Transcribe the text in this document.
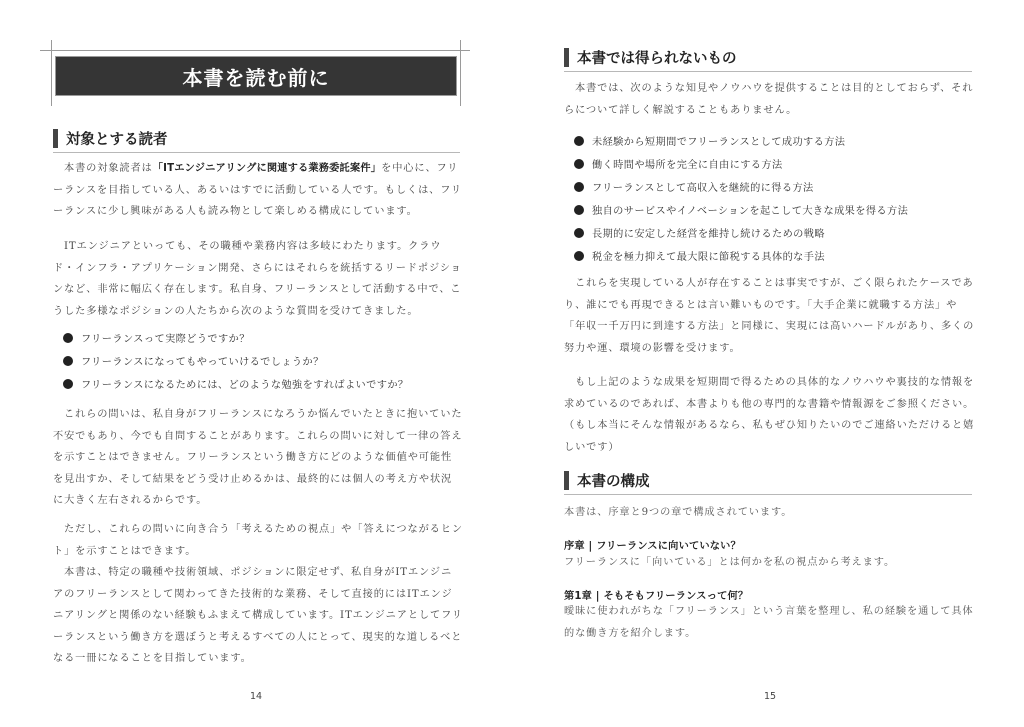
本書を読む前に
対象とする読者
本書の対象読者は「ITエンジニアリングに関連する業務委託案件」を中心に、フリーランスを目指している人、あるいはすでに活動している人です。もしくは、フリーランスに少し興味がある人も読み物として楽しめる構成にしています。
ITエンジニアといっても、その職種や業務内容は多岐にわたります。クラウド・インフラ・アプリケーション開発、さらにはそれらを統括するリードポジションなど、非常に幅広く存在します。私自身、フリーランスとして活動する中で、こうした多様なポジションの人たちから次のような質問を受けてきました。
フリーランスって実際どうですか？
フリーランスになってもやっていけるでしょうか？
フリーランスになるためには、どのような勉強をすればよいですか？
これらの問いは、私自身がフリーランスになろうか悩んでいたときに抱いていた不安でもあり、今でも自問することがあります。これらの問いに対して一律の答えを示すことはできません。フリーランスという働き方にどのような価値や可能性を見出すか、そして結果をどう受け止めるかは、最終的には個人の考え方や状況に大きく左右されるからです。
ただし、これらの問いに向き合う「考えるための視点」や「答えにつながるヒント」を示すことはできます。
本書は、特定の職種や技術領域、ポジションに限定せず、私自身がITエンジニアのフリーランスとして関わってきた技術的な業務、そして直接的にはITエンジニアリングと関係のない経験もふまえて構成しています。ITエンジニアとしてフリーランスという働き方を選ぼうと考えるすべての人にとって、現実的な道しるべとなる一冊になることを目指しています。
14
本書では得られないもの
本書では、次のような知見やノウハウを提供することは目的としておらず、それらについて詳しく解説することもありません。
未経験から短期間でフリーランスとして成功する方法
働く時間や場所を完全に自由にする方法
フリーランスとして高収入を継続的に得る方法
独自のサービスやイノベーションを起こして大きな成果を得る方法
長期的に安定した経営を維持し続けるための戦略
税金を極力抑えて最大限に節税する具体的な手法
これらを実現している人が存在することは事実ですが、ごく限られたケースであり、誰にでも再現できるとは言い難いものです。「大手企業に就職する方法」や「年収一千万円に到達する方法」と同様に、実現には高いハードルがあり、多くの努力や運、環境の影響を受けます。
もし上記のような成果を短期間で得るための具体的なノウハウや裏技的な情報を求めているのであれば、本書よりも他の専門的な書籍や情報源をご参照ください。（もし本当にそんな情報があるなら、私もぜひ知りたいのでご連絡いただけると嬉しいです）
本書の構成
本書は、序章と9つの章で構成されています。
序章 | フリーランスに向いていない？
フリーランスに「向いている」とは何かを私の視点から考えます。
第1章 | そもそもフリーランスって何？
曖昧に使われがちな「フリーランス」という言葉を整理し、私の経験を通して具体的な働き方を紹介します。
15
